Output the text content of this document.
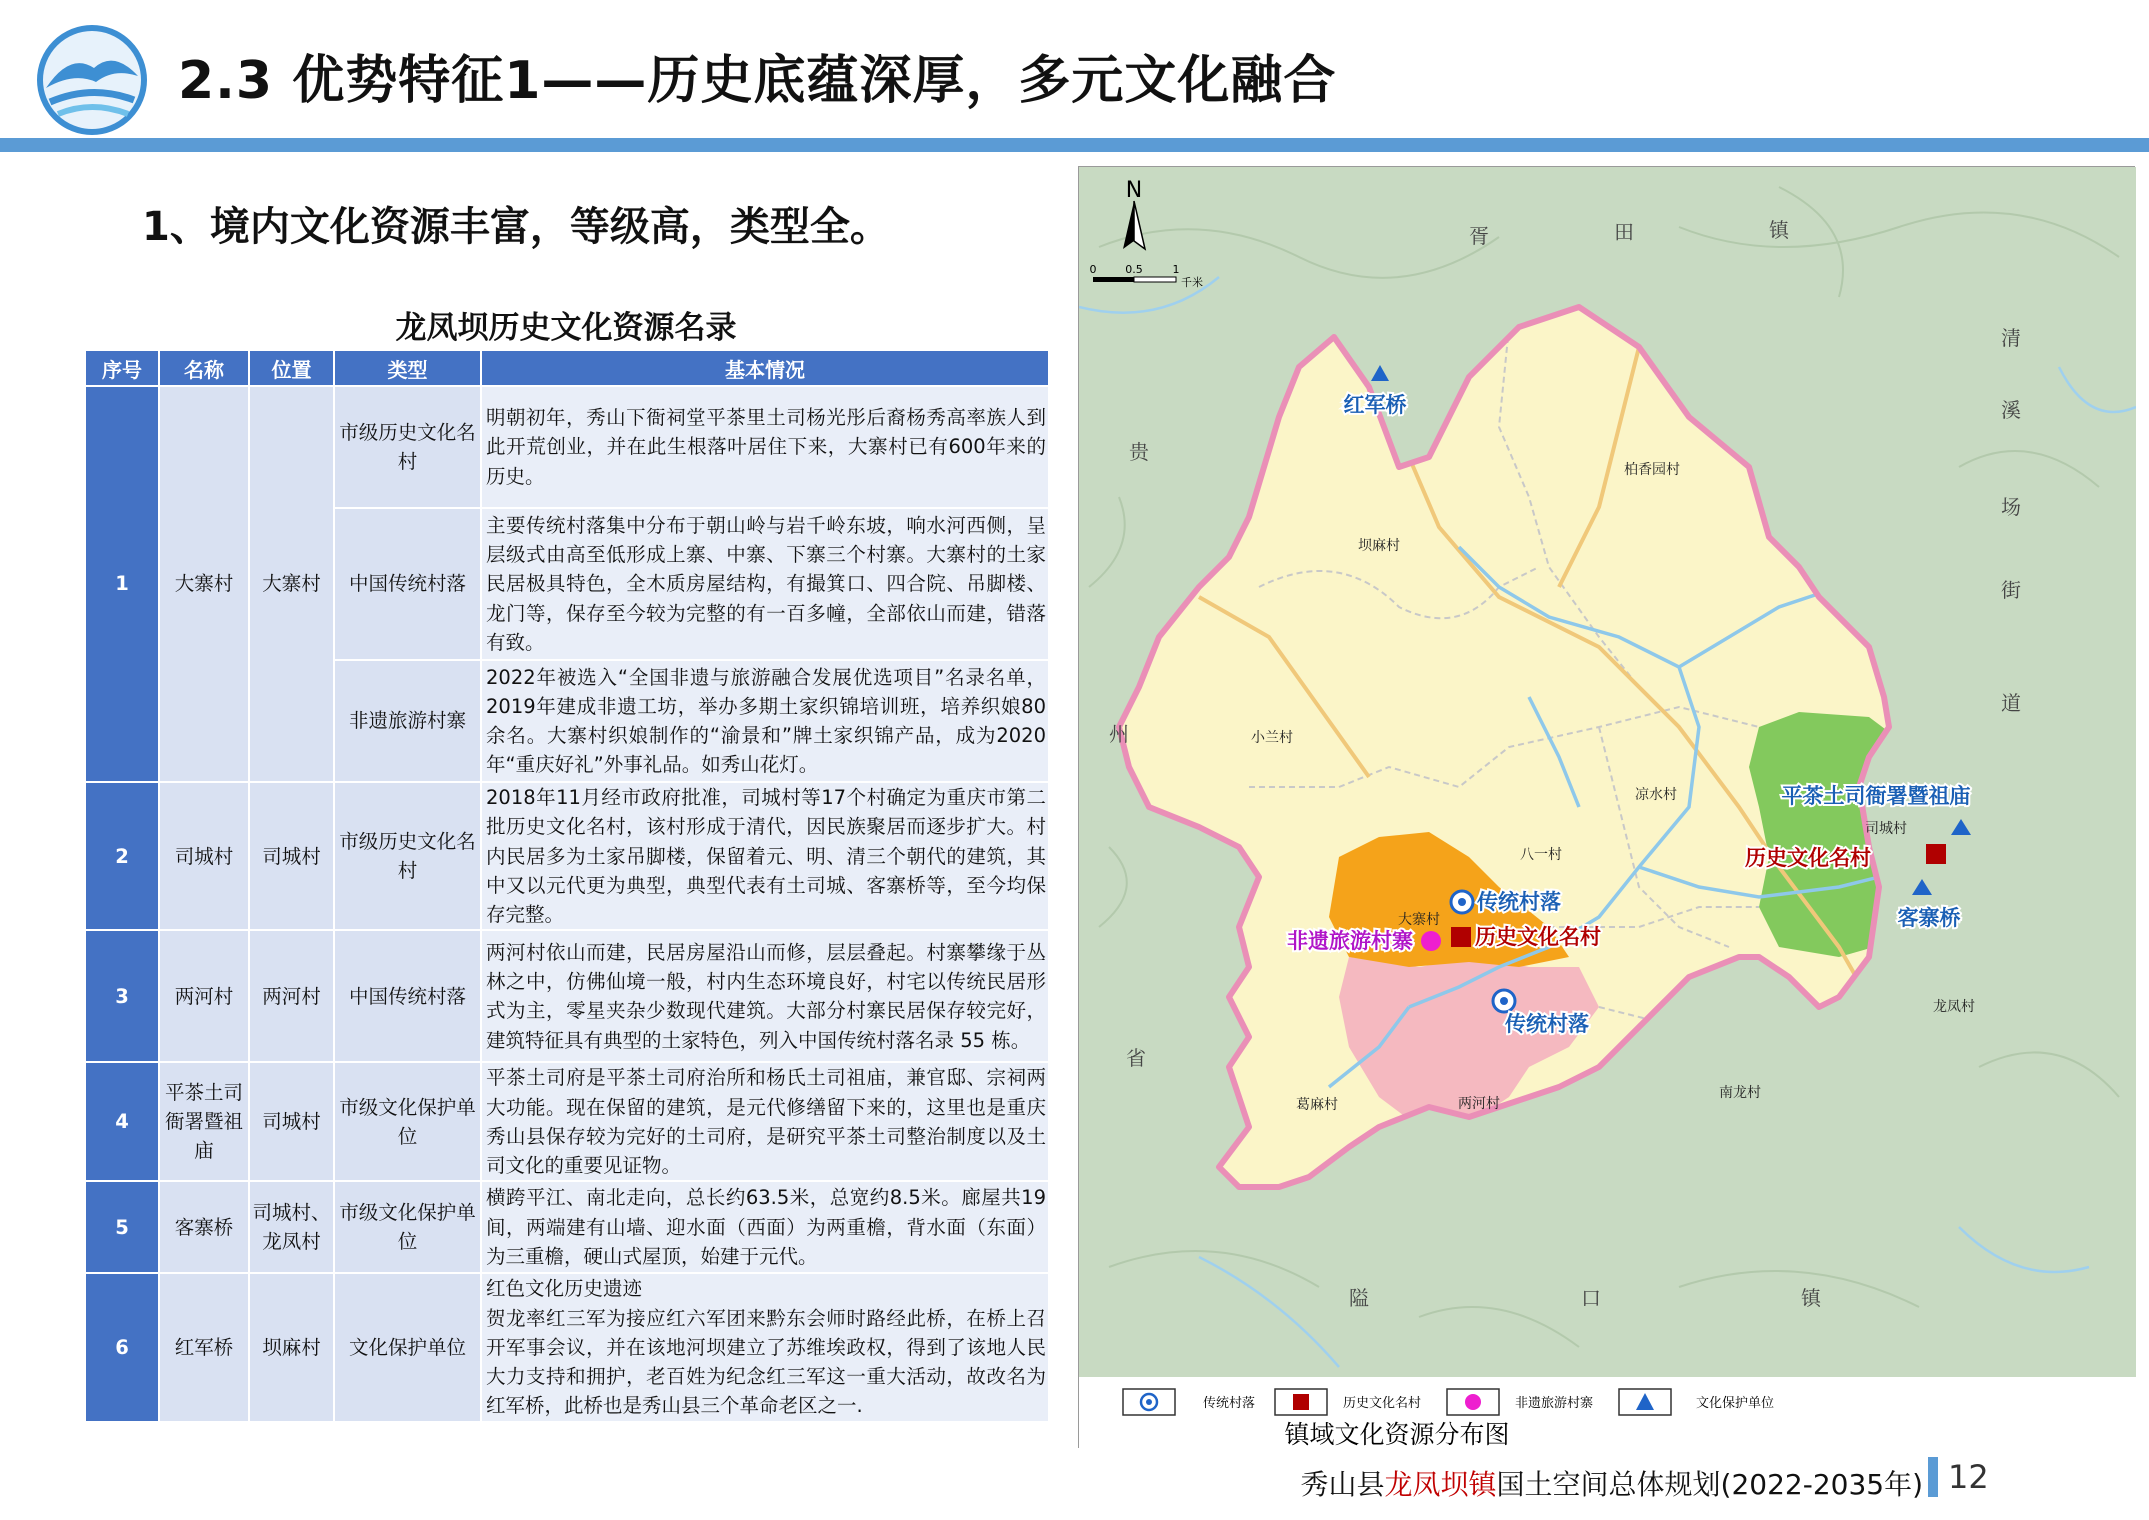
2.3 优势特征1——历史底蕴深厚，多元文化融合
1、境内文化资源丰富，等级高，类型全。
龙凤坝历史文化资源名录
序号	名称	位置	类型	基本情况
1	大寨村	大寨村	市级历史文化名村	明朝初年，秀山下衙祠堂平茶里土司杨光彤后裔杨秀高率族人到此开荒创业，并在此生根落叶居住下来，大寨村已有600年来的历史。
			中国传统村落	主要传统村落集中分布于朝山岭与岩千岭东坡，响水河西侧，呈层级式由高至低形成上寨、中寨、下寨三个村寨。大寨村的土家民居极具特色，全木质房屋结构，有撮箕口、四合院、吊脚楼、龙门等，保存至今较为完整的有一百多幢，全部依山而建，错落有致。
			非遗旅游村寨	2022年被选入“全国非遗与旅游融合发展优选项目”名录名单，2019年建成非遗工坊，举办多期土家织锦培训班，培养织娘80余名。大寨村织娘制作的“渝景和”牌土家织锦产品，成为2020年“重庆好礼”外事礼品。如秀山花灯。
2	司城村	司城村	市级历史文化名村	2018年11月经市政府批准，司城村等17个村确定为重庆市第二批历史文化名村，该村形成于清代，因民族聚居而逐步扩大。村内民居多为土家吊脚楼，保留着元、明、清三个朝代的建筑，其中又以元代更为典型，典型代表有土司城、客寨桥等，至今均保存完整。
3	两河村	两河村	中国传统村落	两河村依山而建，民居房屋沿山而修，层层叠起。村寨攀缘于丛林之中，仿佛仙境一般，村内生态环境良好，村宅以传统民居形式为主，零星夹杂少数现代建筑。大部分村寨民居保存较完好，建筑特征具有典型的土家特色，列入中国传统村落名录 55 栋。
4	平茶土司衙署暨祖庙	司城村	市级文化保护单位	平茶土司府是平茶土司府治所和杨氏土司祖庙，兼官邸、宗祠两大功能。现在保留的建筑，是元代修缮留下来的，这里也是重庆秀山县保存较为完好的土司府，是研究平茶土司整治制度以及土司文化的重要见证物。
5	客寨桥	司城村、龙凤村	市级文化保护单位	横跨平江、南北走向，总长约63.5米，总宽约8.5米。廊屋共19间，两端建有山墙、迎水面（西面）为两重檐，背水面（东面）为三重檐，硬山式屋顶，始建于元代。
6	红军桥	坝麻村	文化保护单位	红色文化历史遗迹
贺龙率红三军为接应红六军团来黔东会师时路经此桥，在桥上召开军事会议，并在该地河坝建立了苏维埃政权，得到了该地人民大力支持和拥护，老百姓为纪念红三军这一重大活动，故改名为红军桥，此桥也是秀山县三个革命老区之一.
N
0	0.5	1
千米
胥	田	镇
贵
州
省
清
溪
场
街
道
隘	口	镇
柏香园村
坝麻村
小兰村
凉水村
司城村
八一村
大寨村
龙凤村
葛麻村	两河村
南龙村
红军桥
平茶土司衙署暨祖庙
历史文化名村
客寨桥
传统村落
非遗旅游村寨	历史文化名村
传统村落
传统村落	历史文化名村	非遗旅游村寨	文化保护单位
镇域文化资源分布图
秀山县龙凤坝镇国土空间总体规划(2022-2035年) 12
